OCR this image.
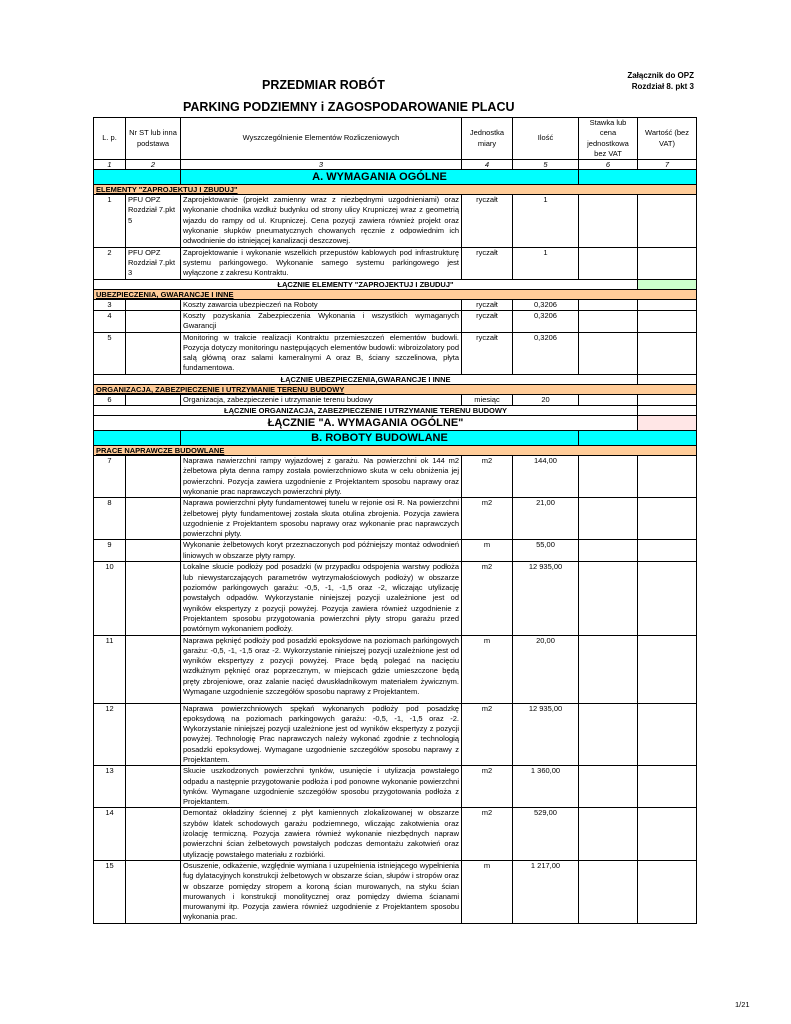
Załącznik do OPZ Rozdział 8. pkt 3
PRZEDMIAR ROBÓT
PARKING PODZIEMNY i ZAGOSPODAROWANIE PLACU
L. p.	Nr ST lub inna podstawa	Wyszczególnienie Elementów Rozliczeniowych	Jednostka miary	Ilość	Stawka lub cena jednostkowa bez VAT	Wartość (bez VAT)
1	2	3	4	5	6	7
		A. WYMAGANIA OGÓLNE				
ELEMENTY "ZAPROJEKTUJ I ZBUDUJ"						
1	PFU OPZ Rozdział 7.pkt 5	Zaprojektowanie (projekt zamienny wraz z niezbędnymi uzgodnieniami) oraz wykonanie chodnika wzdłuż budynku od strony ulicy Krupniczej wraz z geometrią wjazdu do rampy od ul. Krupniczej. Cena pozycji zawiera również projekt oraz wykonanie słupków pneumatycznych chowanych ręcznie z odpowiednim ich odwodnienie do istniejącej kanalizacji deszczowej.	ryczałt	1		
2	PFU OPZ Rozdział 7.pkt 3	Zaprojektowanie i wykonanie wszelkich przepustów kablowych pod infrastrukturę systemu parkingowego. Wykonanie samego systemu parkingowego jest wyłączone z zakresu Kontraktu.	ryczałt	1		
ŁĄCZNIE ELEMENTY "ZAPROJEKTUJ I ZBUDUJ"						
UBEZPIECZENIA, GWARANCJE I INNE						
3		Koszty zawarcia ubezpieczeń na Roboty	ryczałt	0,3206		
4		Koszty pozyskania Zabezpieczenia Wykonania i wszystkich wymaganych Gwarancji	ryczałt	0,3206		
5		Monitoring w trakcie realizacji Kontraktu przemieszczeń elementów budowli. Pozycja dotyczy monitoringu następujących elementów budowli: wibroizolatory pod salą główną oraz salami kameralnymi A oraz B, ściany szczelinowa, płyta fundamentowa.	ryczałt	0,3206		
ŁĄCZNIE UBEZPIECZENIA,GWARANCJE I INNE						
ORGANIZACJA, ZABEZPIECZENIE I UTRZYMANIE TERENU BUDOWY						
6		Organizacja, zabezpieczenie i utrzymanie terenu budowy	miesiąc	20		
ŁĄCZNIE ORGANIZACJA, ZABEZPIECZENIE I UTRZYMANIE TERENU BUDOWY						
ŁĄCZNIE "A. WYMAGANIA OGÓLNE"						
		B. ROBOTY BUDOWLANE				
PRACE NAPRAWCZE BUDOWLANE						
7		Naprawa nawierzchni rampy wyjazdowej z garażu. Na powierzchni ok 144 m2 żelbetowa płyta denna rampy została powierzchniowo skuta w celu obniżenia jej powierzchni. Pozycja zawiera uzgodnienie z Projektantem sposobu naprawy oraz wykonanie prac naprawczych powierzchni płyty.	m2	144,00		
8		Naprawa powierzchni płyty fundamentowej tunelu w rejonie osi R. Na powierzchni żelbetowej płyty fundamentowej została skuta otulina zbrojenia. Pozycja zawiera uzgodnienie z Projektantem sposobu naprawy oraz wykonanie prac naprawczych powierzchni płyty.	m2	21,00		
9		Wykonanie żelbetowych koryt przeznaczonych pod późniejszy montaż odwodnień liniowych w obszarze płyty rampy.	m	55,00		
10		Lokalne skucie podłoży pod posadzki (w przypadku odspojenia warstwy podłoża lub niewystarczających parametrów wytrzymałościowych podłoży) w obszarze poziomów parkingowych garażu: -0,5, -1, -1,5 oraz -2, wliczając utylizację powstałych odpadów. Wykorzystanie niniejszej pozycji uzależnione jest od wyników ekspertyzy z pozycji powyżej. Pozycja zawiera również uzgodnienie z Projektantem sposobu przygotowania powierzchni płyty stropu garażu przed powtórnym wykonaniem podłoży.	m2	12 935,00		
11		Naprawa pęknięć podłoży pod posadzki epoksydowe na poziomach parkingowych garażu: -0,5, -1, -1,5 oraz -2. Wykorzystanie niniejszej pozycji uzależnione jest od wyników ekspertyzy z pozycji powyżej. Prace będą polegać na nacięciu wzdłużnym pęknięć oraz poprzecznym, w miejscach gdzie umieszczone będą pręty zbrojeniowe, oraz zalanie nacięć dwuskładnikowym materiałem żywicznym. Wymagane uzgodnienie szczegółów sposobu naprawy z Projektantem.	m	20,00		
12		Naprawa powierzchniowych spękań wykonanych podłoży pod posadzkę epoksydową na poziomach parkingowych garażu: -0,5, -1, -1,5 oraz -2. Wykorzystanie niniejszej pozycji uzależnione jest od wyników ekspertyzy z pozycji powyżej. Technologię Prac naprawczych należy wykonać zgodnie z technologią posadzki epoksydowej. Wymagane uzgodnienie szczegółów sposobu naprawy z Projektantem.	m2	12 935,00		
13		Skucie uszkodzonych powierzchni tynków, usunięcie i utylizacja powstałego odpadu a następnie przygotowanie podłoża i pod ponowne wykonanie powierzchni tynków. Wymagane uzgodnienie szczegółów sposobu przygotowania podłoża z Projektantem.	m2	1 360,00		
14		Demontaż okładziny ściennej z płyt kamiennych zlokalizowanej w obszarze szybów klatek schodowych garażu podziemnego, wliczając zakotwienia oraz izolację termiczną. Pozycja zawiera również wykonanie niezbędnych napraw powierzchni ścian żelbetowych powstałych podczas demontażu zakotwień oraz utylizację powstałego materiału z rozbiórki.	m2	529,00		
15		Osuszenie, odkażenie, względnie wymiana i uzupełnienia istniejącego wypełnienia fug dylatacyjnych konstrukcji żelbetowych w obszarze ścian, słupów i stropów oraz w obszarze pomiędzy stropem a koroną ścian murowanych, na styku ścian murowanych i konstrukcji monolitycznej oraz pomiędzy dwiema ścianami murowanymi itp. Pozycja zawiera również uzgodnienie z Projektantem sposobu wykonania prac.	m	1 217,00		
1/21
